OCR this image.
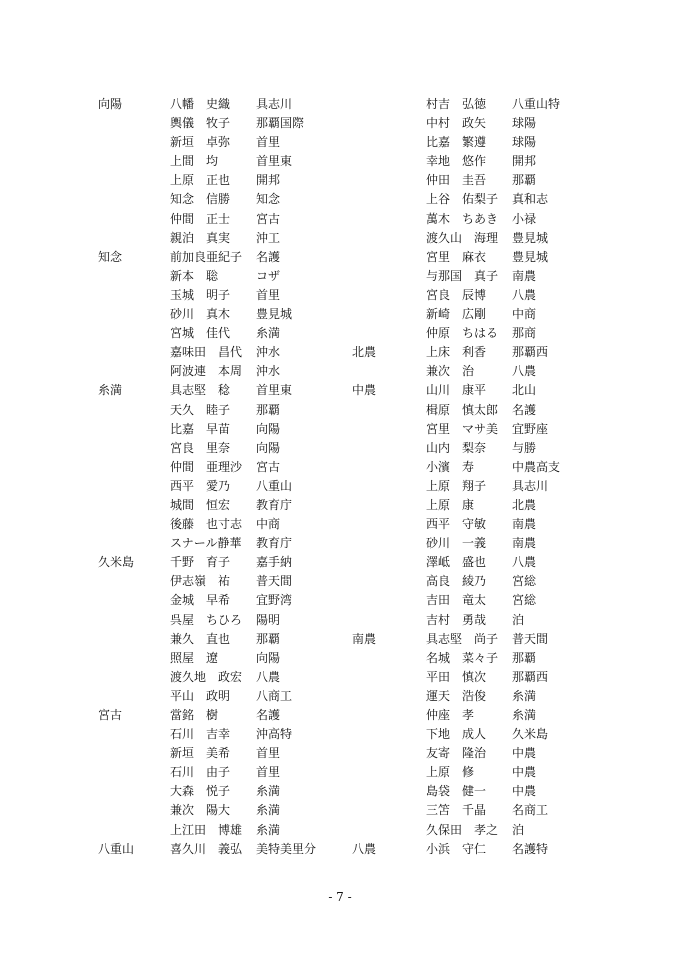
向陽	八幡　史織 具志川
輿儀　牧子 那覇国際
新垣　卓弥 首里
上間　均	首里東
上原　正也 開邦
知念　信勝 知念
仲間　正士 宮古
親泊　真実 沖工
知念	前加良亜紀子 名護
新本　聡	コザ
玉城　明子 首里
砂川　真木 豊見城
宮城　佳代 糸満
嘉味田　昌代 沖水
阿波連　本周 沖水
糸満	具志堅　稔 首里東
天久　睦子 那覇
比嘉　早苗 向陽
宮良　里奈 向陽
仲間　亜理沙 宮古
西平　愛乃 八重山
城間　恒宏 教育庁
後藤　也寸志 中商
スナール静華 教育庁
久米島	千野　育子 嘉手納
伊志嶺　祐 普天間
金城　早希 宜野湾
呉屋　ちひろ 陽明
兼久　直也 那覇
照屋　遼	向陽
渡久地　政宏 八農
平山　政明 八商工
宮古	當銘　樹	名護
石川　吉幸 沖高特
新垣　美希 首里
石川　由子 首里
大森　悦子 糸満
兼次　陽大 糸満
上江田　博雄 糸満
八重山	喜久川　義弘 美特美里分
村吉　弘徳 八重山特
中村　政矢 球陽
比嘉　繁遵 球陽
幸地　悠作 開邦
仲田　圭吾 那覇
上谷　佑梨子 真和志
萬木　ちあき 小禄
渡久山　海理 豊見城
宮里　麻衣 豊見城
与那国　真子 南農
宮良　辰博 八農
新崎　広剛 中商
仲原　ちはる 那商
北農	上床　利香 那覇西
兼次　治	八農
中農	山川　康平 北山
楫原　慎太郎 名護
宮里　マサ美 宜野座
山内　梨奈 与勝
小濱　寿	中農高支
上原　翔子 具志川
上原　康	北農
西平　守敏 南農
砂川　一義 南農
澤岻　盛也 八農
高良　綾乃 宮総
吉田　竜太 宮総
吉村　勇哉 泊
南農	具志堅　尚子 普天間
名城　菜々子 那覇
平田　慎次 那覇西
運天　浩俊 糸満
仲座　孝	糸満
下地　成人 久米島
友寄　隆治 中農
上原　修	中農
島袋　健一 中農
三笘　千晶 名商工
久保田　孝之 泊
八農	小浜　守仁 名護特
- 7 -
